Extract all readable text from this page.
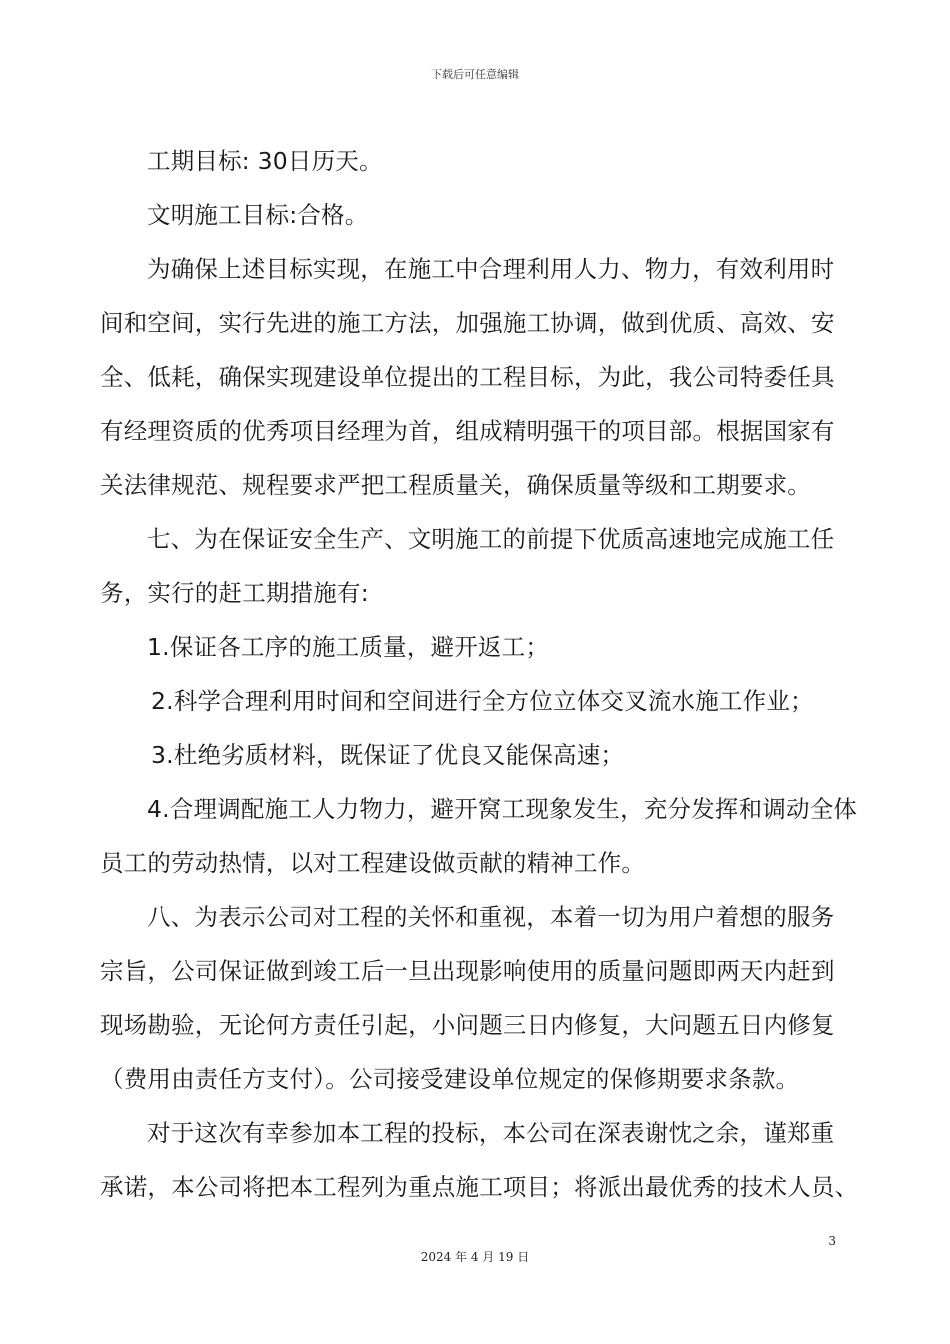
下载后可任意编辑

工期目标: 30日历天。

文明施工目标:合格。

为确保上述目标实现，在施工中合理利用人力、物力，有效利用时

间和空间，实行先进的施工方法，加强施工协调，做到优质、高效、安

全、低耗，确保实现建设单位提出的工程目标，为此，我公司特委任具

有经理资质的优秀项目经理为首，组成精明强干的项目部。根据国家有

关法律规范、规程要求严把工程质量关，确保质量等级和工期要求。

七、为在保证安全生产、文明施工的前提下优质高速地完成施工任

务，实行的赶工期措施有:

1.保证各工序的施工质量，避开返工；

2.科学合理利用时间和空间进行全方位立体交叉流水施工作业；

3.杜绝劣质材料，既保证了优良又能保高速；

4.合理调配施工人力物力，避开窝工现象发生，充分发挥和调动全体

员工的劳动热情，以对工程建设做贡献的精神工作。

八、为表示公司对工程的关怀和重视，本着一切为用户着想的服务

宗旨，公司保证做到竣工后一旦出现影响使用的质量问题即两天内赶到

现场勘验，无论何方责任引起，小问题三日内修复，大问题五日内修复

（费用由责任方支付）。公司接受建设单位规定的保修期要求条款。

对于这次有幸参加本工程的投标，本公司在深表谢忱之余，谨郑重

承诺，本公司将把本工程列为重点施工项目；将派出最优秀的技术人员、

3
2024 年 4 月 19 日
